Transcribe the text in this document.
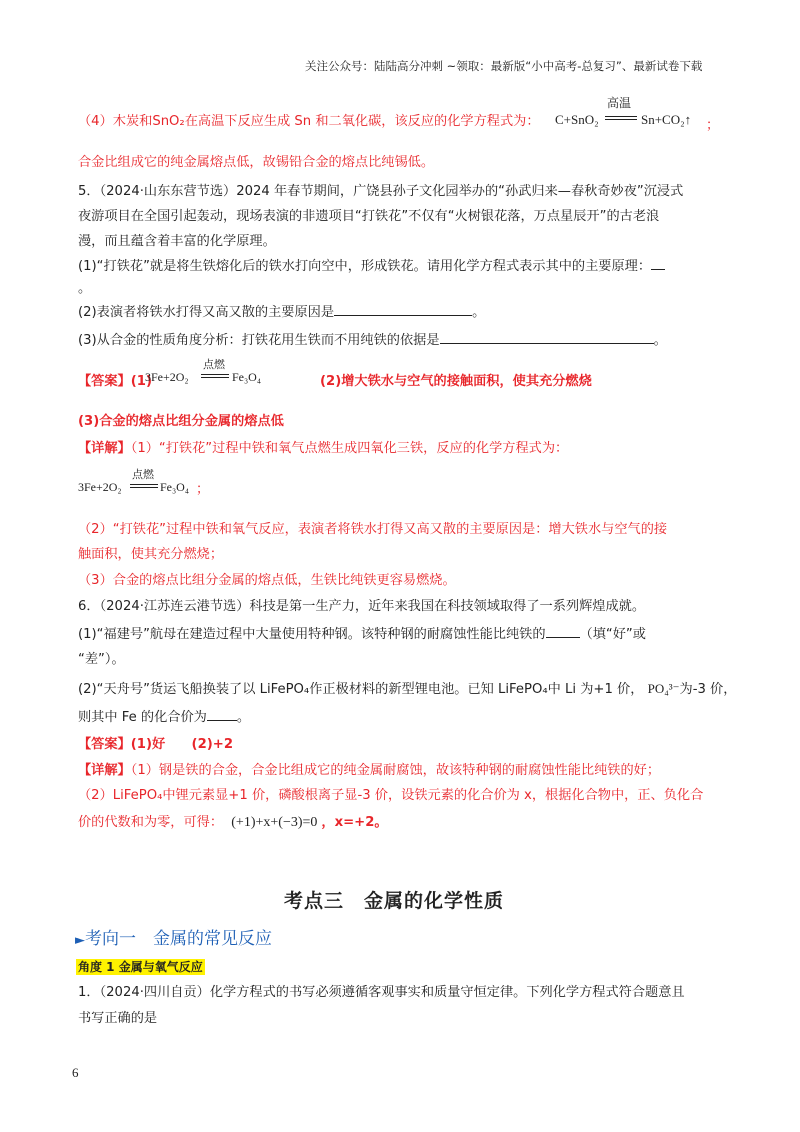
关注公众号：陆陆高分冲刺 ~领取：最新版“小中高考-总复习”、最新试卷下载
（4）木炭和SnO₂在高温下反应生成 Sn 和二氧化碳，该反应的化学方程式为： C+SnO₂
高温
Sn+CO₂↑ ；
合金比组成它的纯金属熔点低，故锡铅合金的熔点比纯锡低。
5．（2024·山东东营节选）2024 年春节期间，广饶县孙子文化园举办的“孙武归来—春秋奇妙夜”沉浸式
夜游项目在全国引起轰动，现场表演的非遗项目“打铁花”不仅有“火树银花落，万点星辰开”的古老浪
漫，而且蕴含着丰富的化学原理。
(1)“打铁花”就是将生铁熔化后的铁水打向空中，形成铁花。请用化学方程式表示其中的主要原理：
。
(2)表演者将铁水打得又高又散的主要原因是	。
(3)从合金的性质角度分析：打铁花用生铁而不用纯铁的依据是	。
【答案】(1)
3Fe+2O₂
点燃
Fe₃O₄	(2)增大铁水与空气的接触面积，使其充分燃烧
(3)合金的熔点比组分金属的熔点低
【详解】（1）“打铁花”过程中铁和氧气点燃生成四氧化三铁，反应的化学方程式为：
3Fe+2O₂
点燃
Fe₃O₄ ；
（2）“打铁花”过程中铁和氧气反应，表演者将铁水打得又高又散的主要原因是：增大铁水与空气的接
触面积，使其充分燃烧；
（3）合金的熔点比组分金属的熔点低，生铁比纯铁更容易燃烧。
6．（2024·江苏连云港节选）科技是第一生产力，近年来我国在科技领域取得了一系列辉煌成就。
(1)“福建号”航母在建造过程中大量使用特种钢。该特种钢的耐腐蚀性能比纯铁的	（填“好”或
“差”）。
(2)“天舟号”货运飞船换装了以 LiFePO₄作正极材料的新型锂电池。已知 LiFePO₄中 Li 为+1 价， PO₄³⁻为-3 价，
则其中 Fe 的化合价为 。
【答案】(1)好　　(2)+2
【详解】（1）钢是铁的合金，合金比组成它的纯金属耐腐蚀，故该特种钢的耐腐蚀性能比纯铁的好；
（2）LiFePO₄中锂元素显+1 价，磷酸根离子显-3 价，设铁元素的化合价为 x，根据化合物中，正、负化合
价的代数和为零，可得： (+1)+x+(−3)=0 ，x=+2。
考点三　金属的化学性质
►考向一　金属的常见反应
角度 1 金属与氧气反应
1．（2024·四川自贡）化学方程式的书写必须遵循客观事实和质量守恒定律。下列化学方程式符合题意且
书写正确的是
6
